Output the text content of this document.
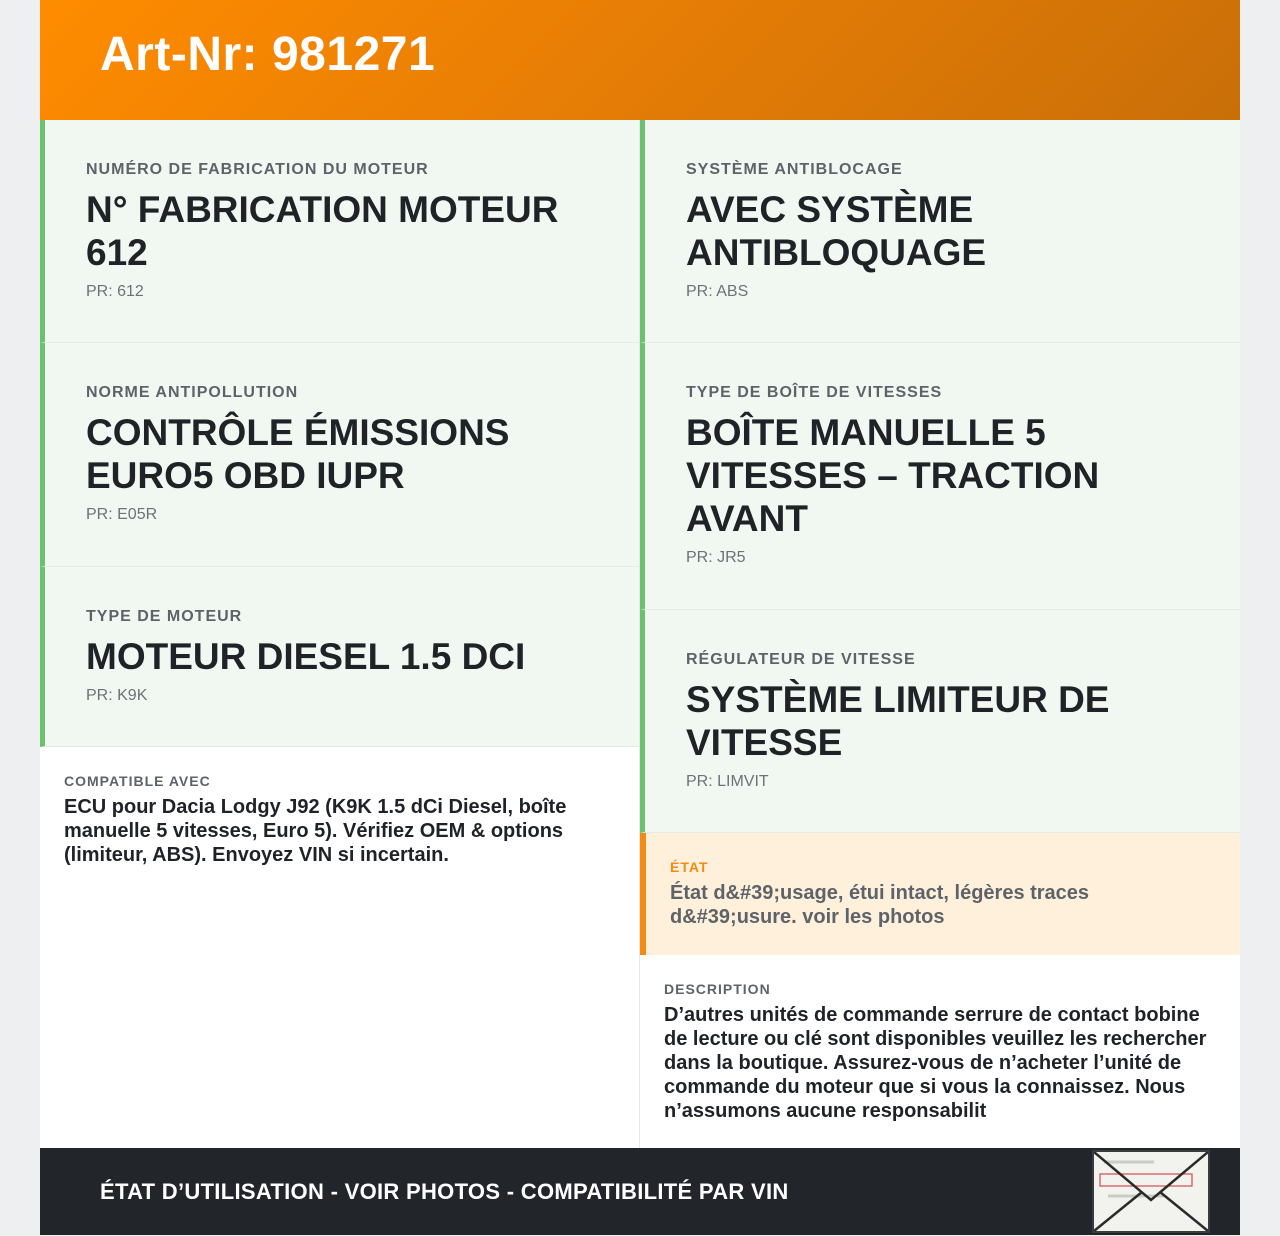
Art-Nr: 981271
NUMÉRO DE FABRICATION DU MOTEUR
N° FABRICATION MOTEUR 612
PR: 612
NORME ANTIPOLLUTION
CONTRÔLE ÉMISSIONS EURO5 OBD IUPR
PR: E05R
TYPE DE MOTEUR
MOTEUR DIESEL 1.5 DCI
PR: K9K
COMPATIBLE AVEC
ECU pour Dacia Lodgy J92 (K9K 1.5 dCi Diesel, boîte manuelle 5 vitesses, Euro 5). Vérifiez OEM & options (limiteur, ABS). Envoyez VIN si incertain.
SYSTÈME ANTIBLOCAGE
AVEC SYSTÈME ANTIBLOQUAGE
PR: ABS
TYPE DE BOÎTE DE VITESSES
BOÎTE MANUELLE 5 VITESSES – TRACTION AVANT
PR: JR5
RÉGULATEUR DE VITESSE
SYSTÈME LIMITEUR DE VITESSE
PR: LIMVIT
ÉTAT
État d&#39;usage, étui intact, légères traces d&#39;usure. voir les photos
DESCRIPTION
D’autres unités de commande serrure de contact bobine de lecture ou clé sont disponibles veuillez les rechercher dans la boutique. Assurez-vous de n’acheter l’unité de commande du moteur que si vous la connaissez. Nous n’assumons aucune responsabilit
ÉTAT D’UTILISATION - VOIR PHOTOS - COMPATIBILITÉ PAR VIN
